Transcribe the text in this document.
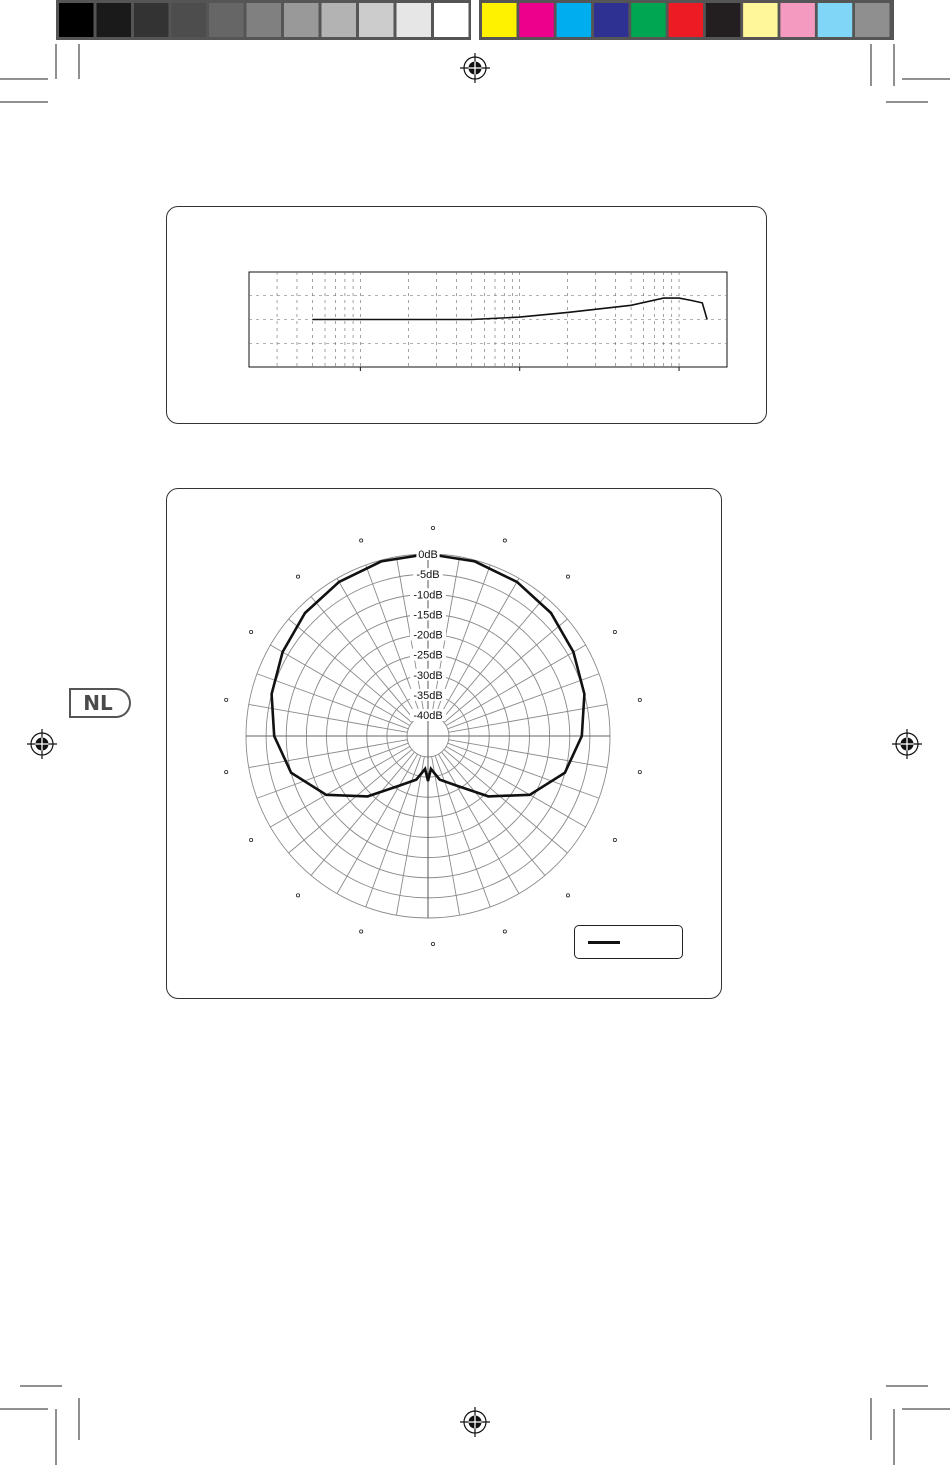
0dB
-5dB
-10dB
-15dB
-20dB
-25dB
-30dB
-35dB
-40dB
NL
